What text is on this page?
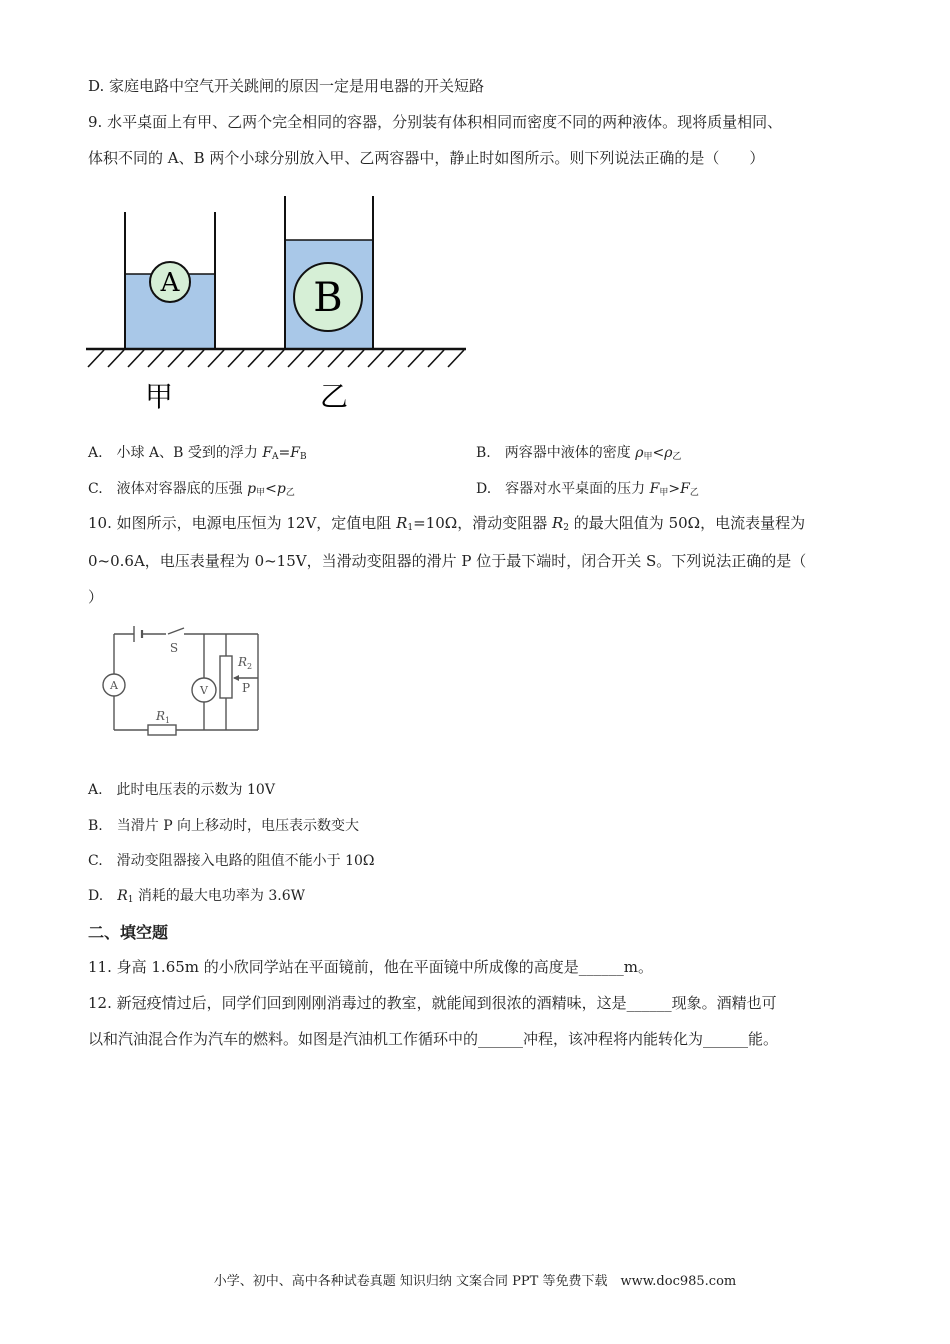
D. 家庭电路中空气开关跳闸的原因一定是用电器的开关短路
9. 水平桌面上有甲、乙两个完全相同的容器，分别装有体积相同而密度不同的两种液体。现将质量相同、
体积不同的 A、B 两个小球分别放入甲、乙两容器中，静止时如图所示。则下列说法正确的是（　　）
A	B
甲	乙
A.　小球 A、B 受到的浮力 $F_A=F_B$	B.　两容器中液体的密度 $\rho_甲<\rho_乙$
C.　液体对容器底的压强 $p_甲<p_乙$	D.　容器对水平桌面的压力 $F_甲>F_乙$
10. 如图所示，电源电压恒为 12V，定值电阻 $R_1=10\Omega$，滑动变阻器 $R_2$ 的最大阻值为 50Ω，电流表量程为
0~0.6A，电压表量程为 0~15V，当滑动变阻器的滑片 P 位于最下端时，闭合开关 S。下列说法正确的是（
）
S
A	V
$R_2$
P
$R_1$
A.　此时电压表的示数为 10V
B.　当滑片 P 向上移动时，电压表示数变大
C.　滑动变阻器接入电路的阻值不能小于 10Ω
D.　$R_1$ 消耗的最大电功率为 3.6W
二、填空题
11. 身高 1.65m 的小欣同学站在平面镜前，他在平面镜中所成像的高度是______m。
12. 新冠疫情过后，同学们回到刚刚消毒过的教室，就能闻到很浓的酒精味，这是______现象。酒精也可
以和汽油混合作为汽车的燃料。如图是汽油机工作循环中的______冲程，该冲程将内能转化为______能。
小学、初中、高中各种试卷真题 知识归纳 文案合同 PPT 等免费下载　www.doc985.com
